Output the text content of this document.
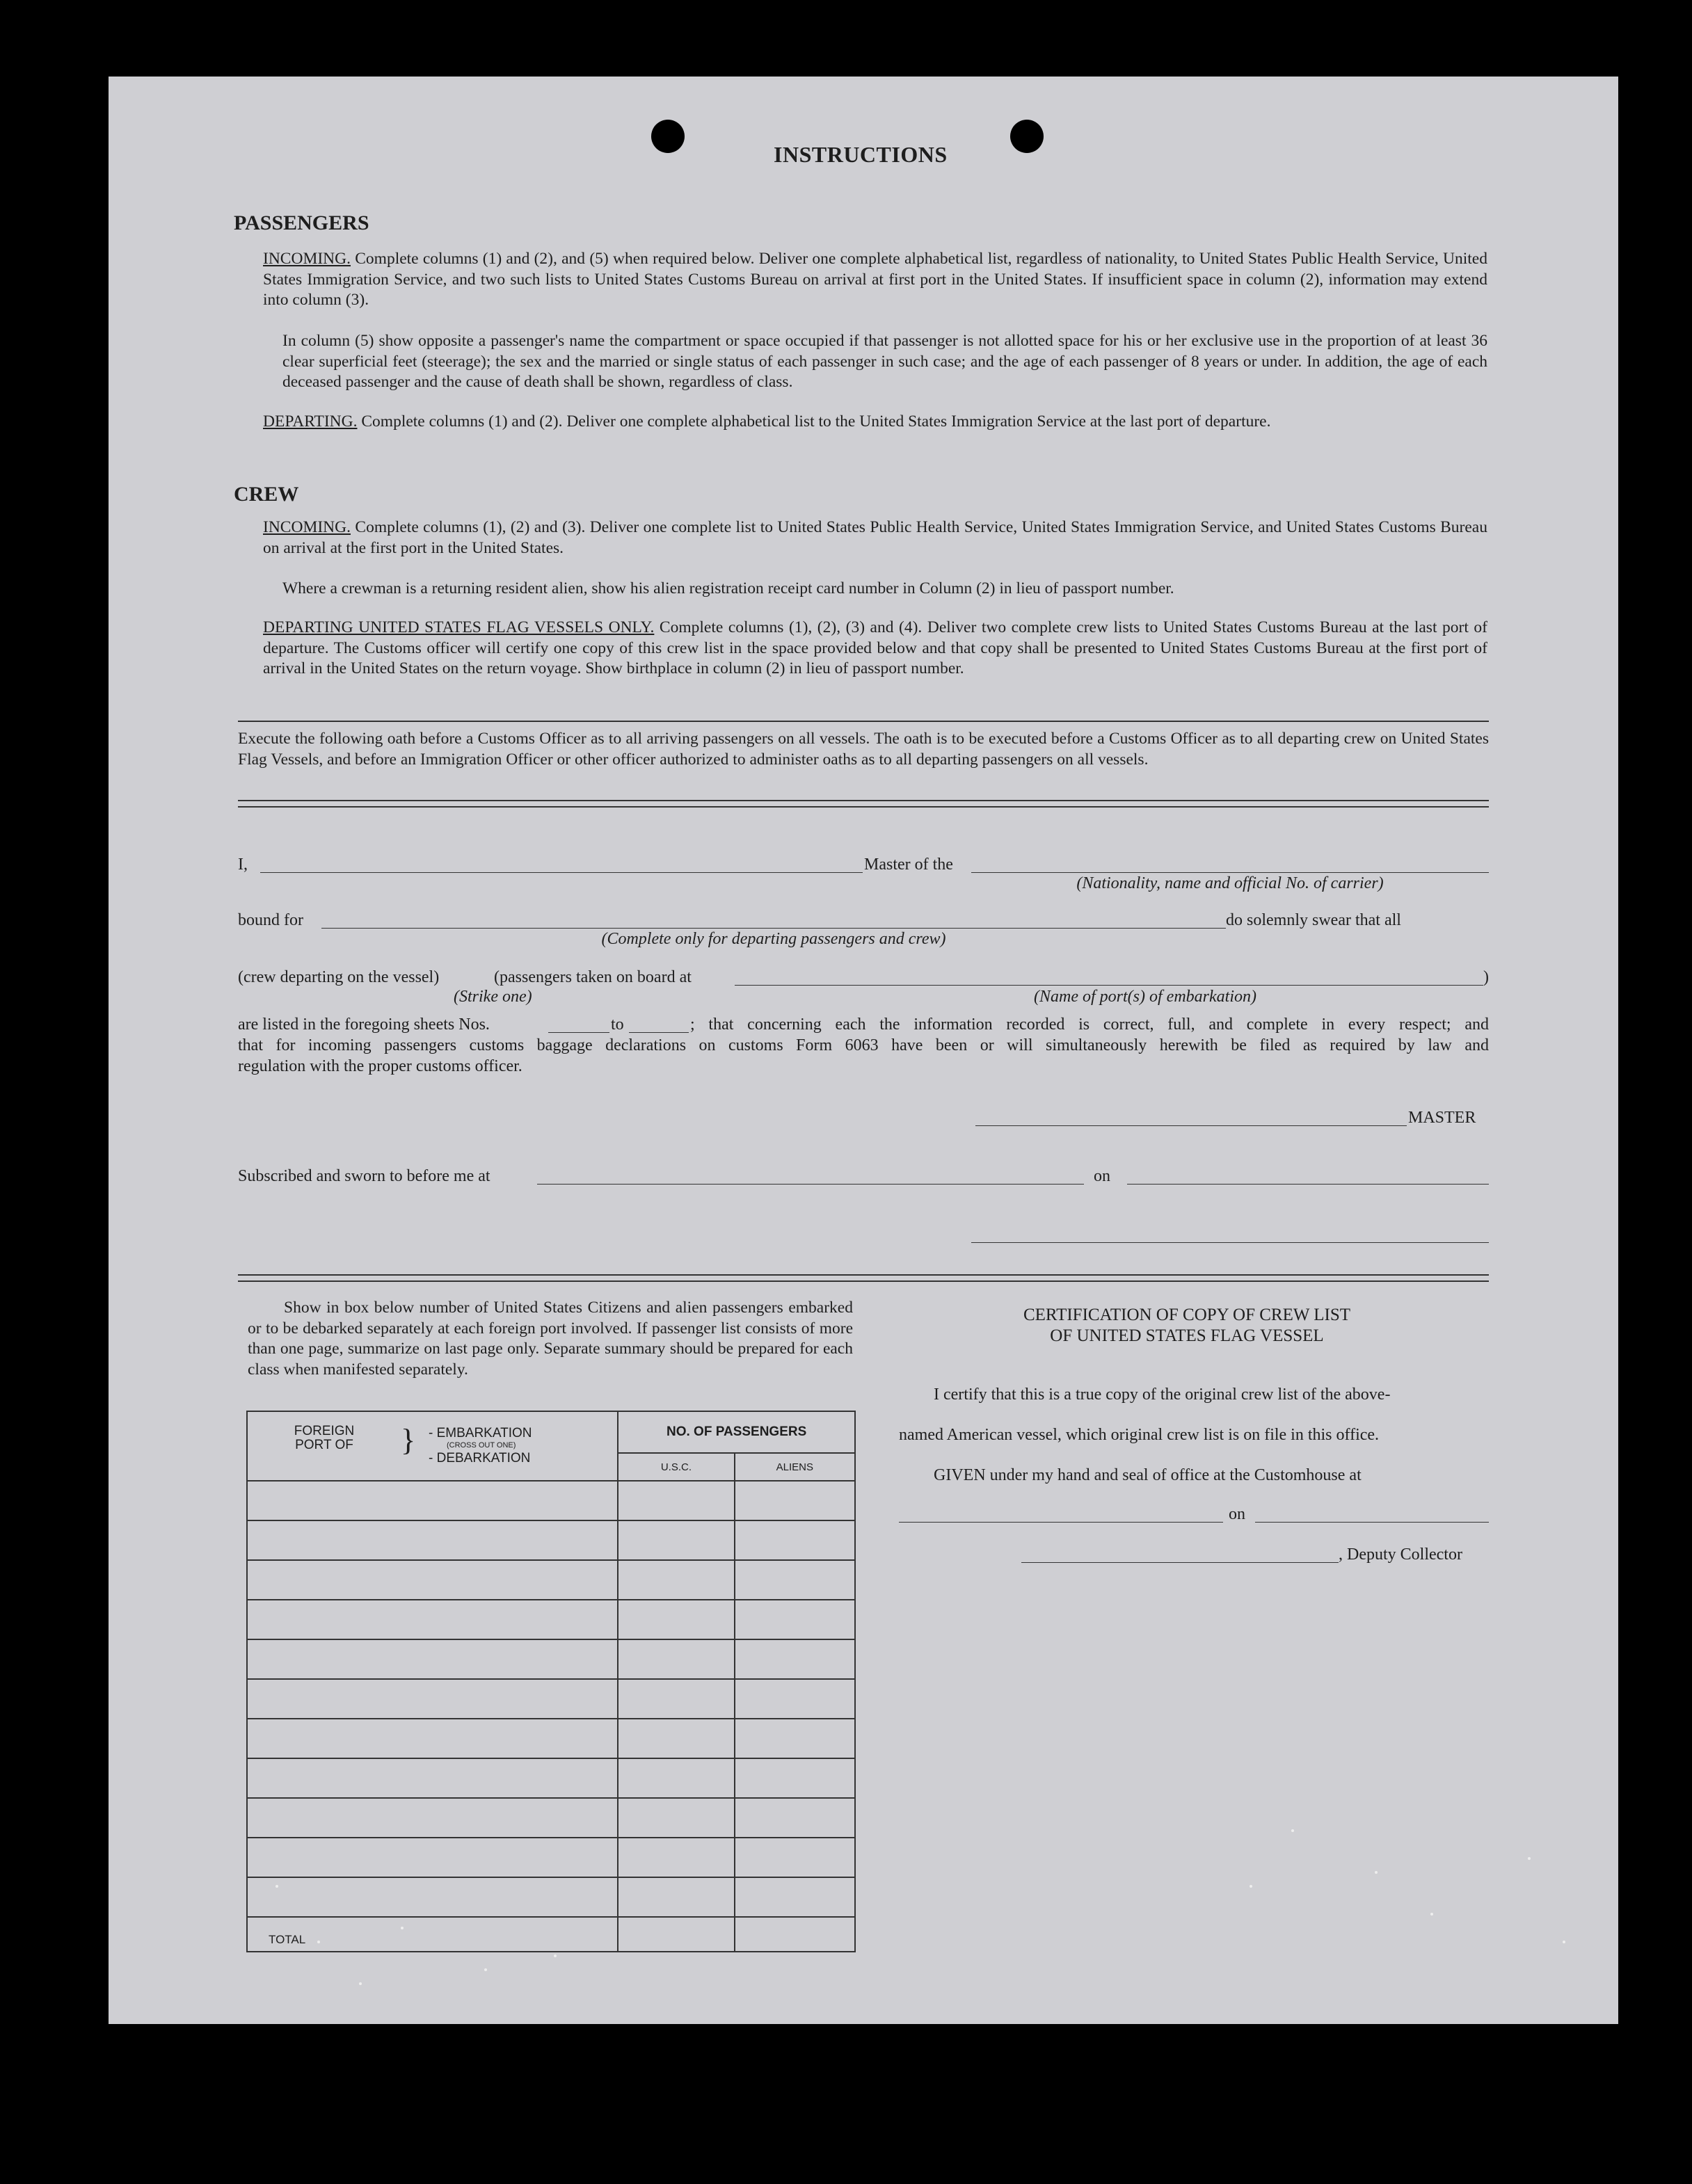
INSTRUCTIONS
PASSENGERS
INCOMING. Complete columns (1) and (2), and (5) when required below. Deliver one complete alphabetical list, regardless of nationality, to United States Public Health Service, United States Immigration Service, and two such lists to United States Customs Bureau on arrival at first port in the United States. If insufficient space in column (2), information may extend into column (3).
In column (5) show opposite a passenger's name the compartment or space occupied if that passenger is not allotted space for his or her exclusive use in the proportion of at least 36 clear superficial feet (steerage); the sex and the married or single status of each passenger in such case; and the age of each passenger of 8 years or under. In addition, the age of each deceased passenger and the cause of death shall be shown, regardless of class.
DEPARTING. Complete columns (1) and (2). Deliver one complete alphabetical list to the United States Immigration Service at the last port of departure.
CREW
INCOMING. Complete columns (1), (2) and (3). Deliver one complete list to United States Public Health Service, United States Immigration Service, and United States Customs Bureau on arrival at the first port in the United States.
Where a crewman is a returning resident alien, show his alien registration receipt card number in Column (2) in lieu of passport number.
DEPARTING UNITED STATES FLAG VESSELS ONLY. Complete columns (1), (2), (3) and (4). Deliver two complete crew lists to United States Customs Bureau at the last port of departure. The Customs officer will certify one copy of this crew list in the space provided below and that copy shall be presented to United States Customs Bureau at the first port of arrival in the United States on the return voyage. Show birthplace in column (2) in lieu of passport number.
Execute the following oath before a Customs Officer as to all arriving passengers on all vessels. The oath is to be executed before a Customs Officer as to all departing crew on United States Flag Vessels, and before an Immigration Officer or other officer authorized to administer oaths as to all departing passengers on all vessels.
I,	Master of the
(Nationality, name and official No. of carrier)
bound for
(Complete only for departing passengers and crew)
do solemnly swear that all
(crew departing on the vessel)
(Strike one)
(passengers taken on board at	)
(Name of port(s) of embarkation)
are listed in the foregoing sheets Nos.	to	; that concerning each the information recorded is correct, full, and complete in every respect; and
that for incoming passengers customs baggage declarations on customs Form 6063 have been or will simultaneously herewith be filed as required by law and
regulation with the proper customs officer.
MASTER
Subscribed and sworn to before me at	on
Show in box below number of United States Citizens and alien passengers embarked or to be debarked separately at each foreign port involved. If passenger list consists of more than one page, summarize on last page only. Separate summary should be prepared for each class when manifested separately.
FOREIGN PORT OF } - EMBARKATION
(CROSS OUT ONE)
- DEBARKATION	NO. OF PASSENGERS	
	U.S.C.	ALIENS

TOTAL		
CERTIFICATION OF COPY OF CREW LIST
OF UNITED STATES FLAG VESSEL
I certify that this is a true copy of the original crew list of the above-
named American vessel, which original crew list is on file in this office.
GIVEN under my hand and seal of office at the Customhouse at
on
, Deputy Collector
